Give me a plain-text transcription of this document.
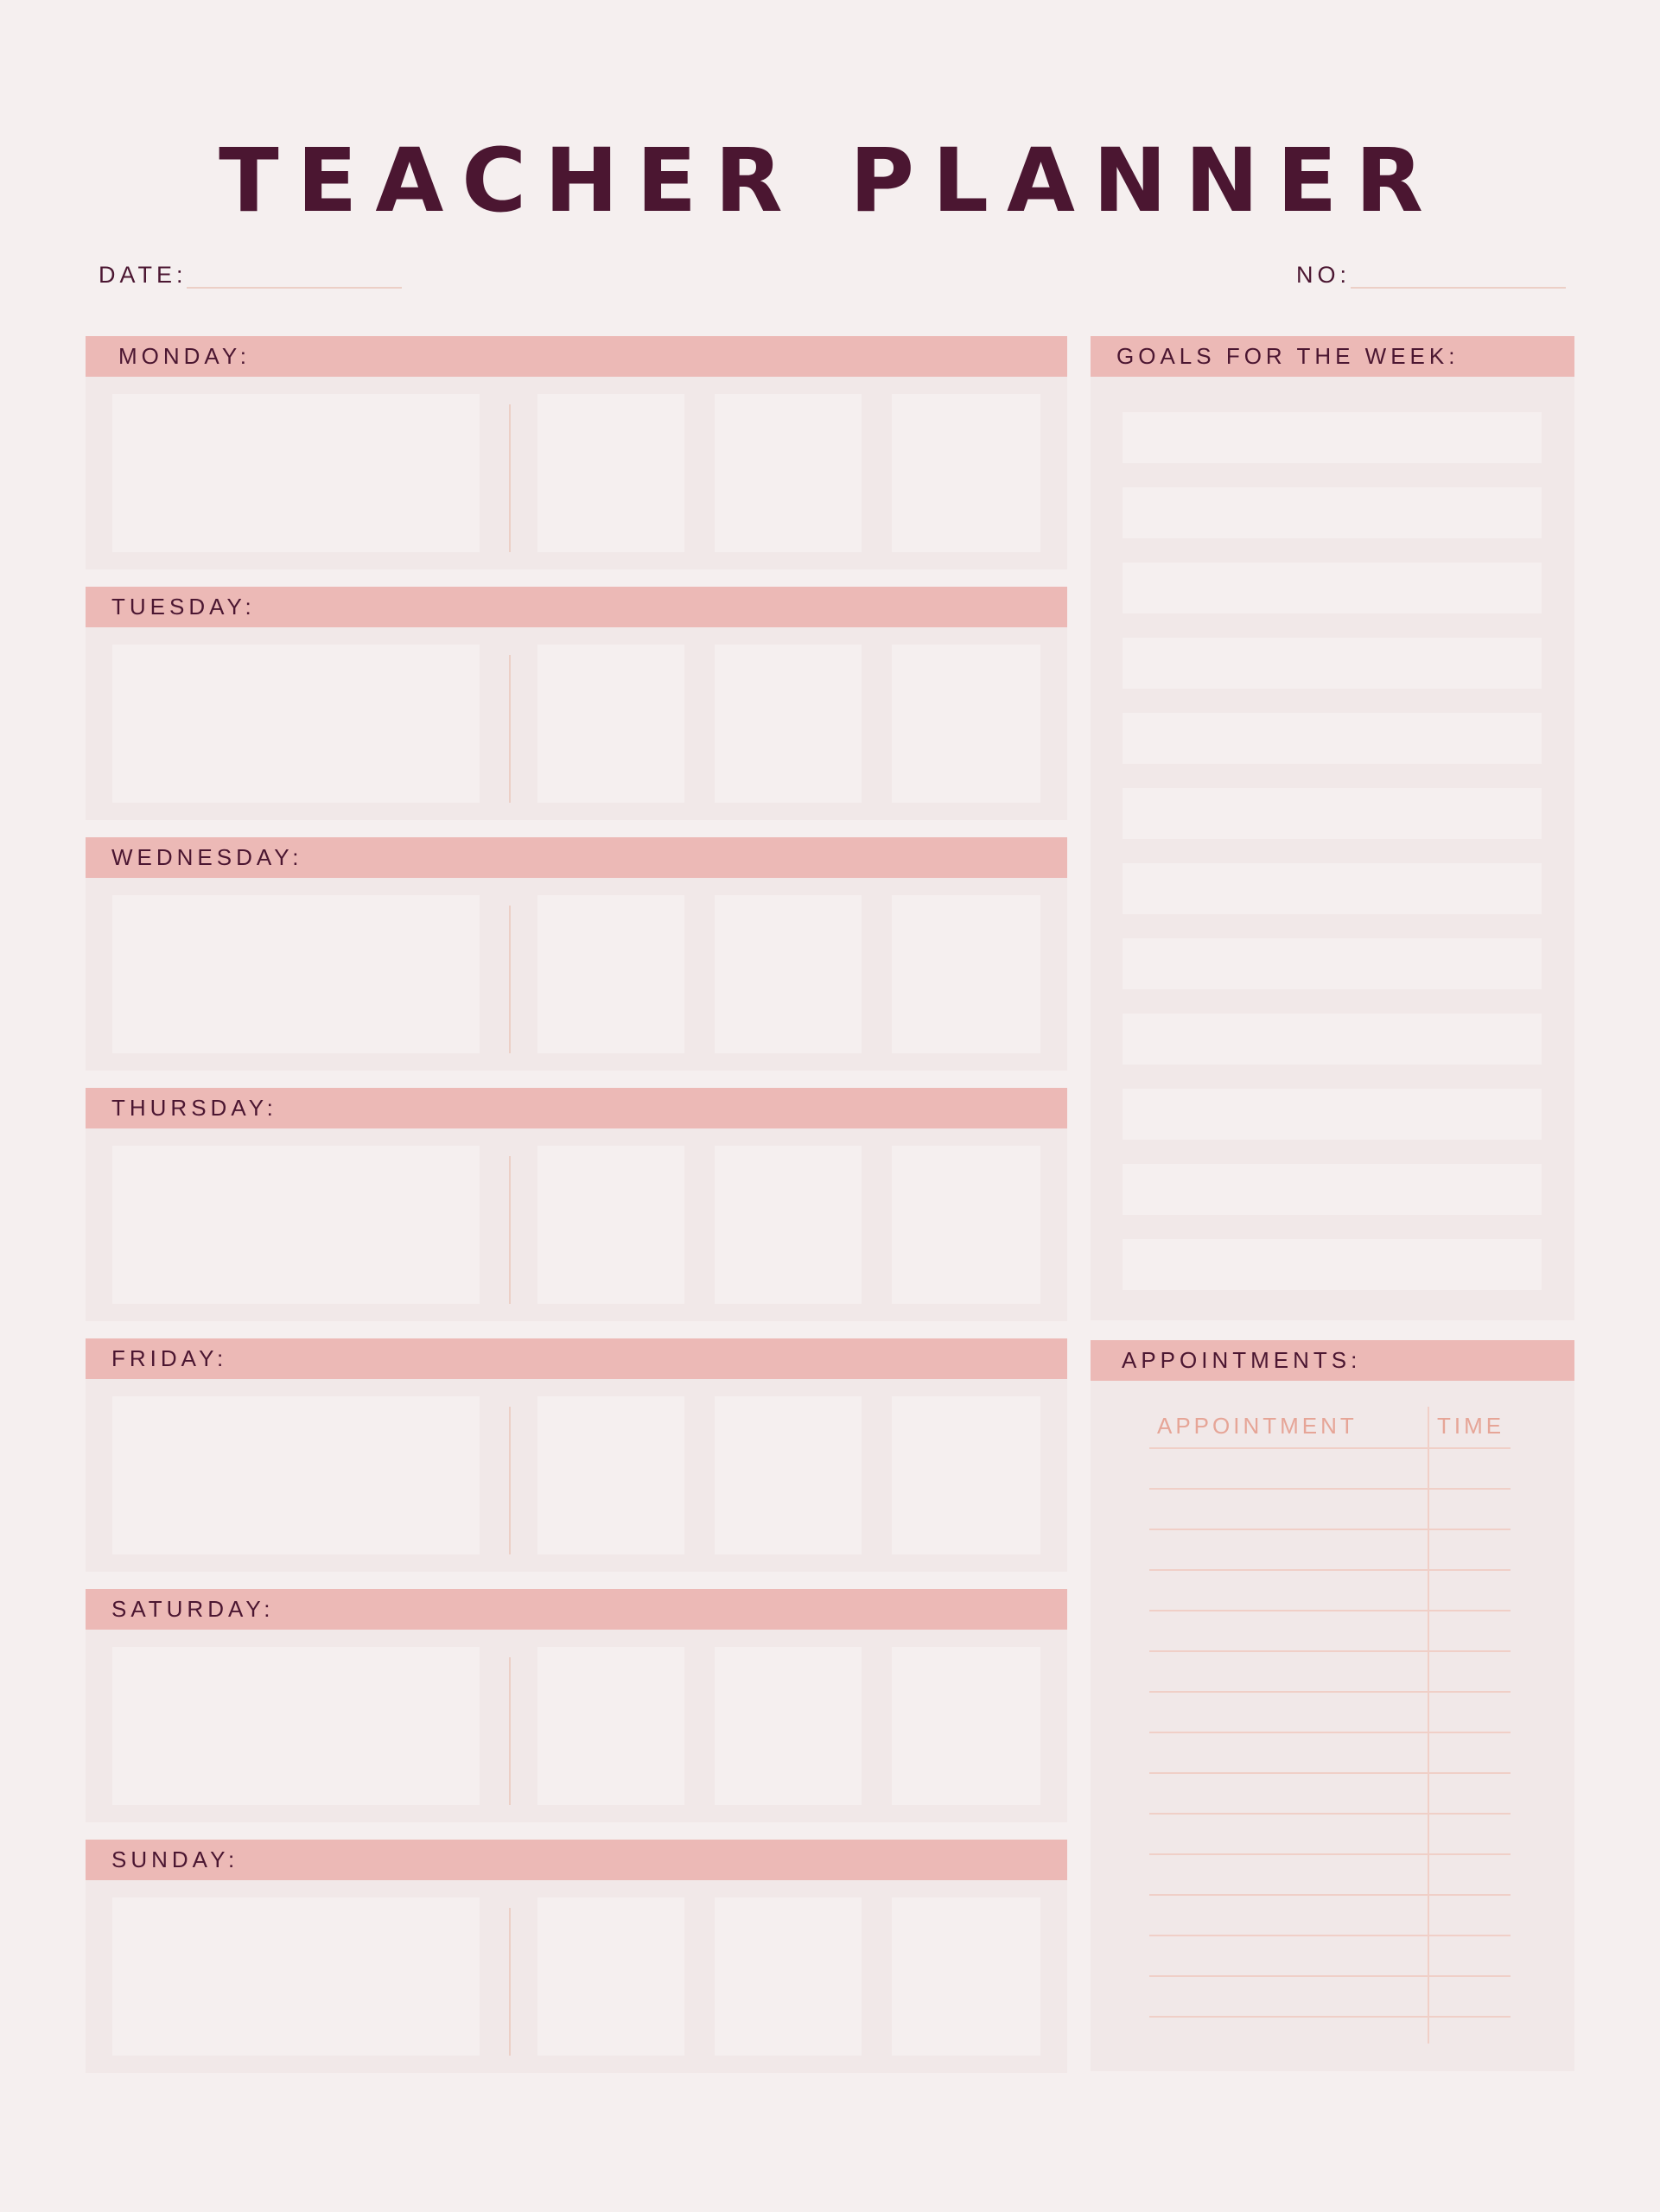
TEACHER PLANNER
DATE:	NO:
MONDAY:
TUESDAY:
WEDNESDAY:
THURSDAY:
FRIDAY:
SATURDAY:
SUNDAY:
GOALS FOR THE WEEK:
APPOINTMENTS:
APPOINTMENT	TIME
